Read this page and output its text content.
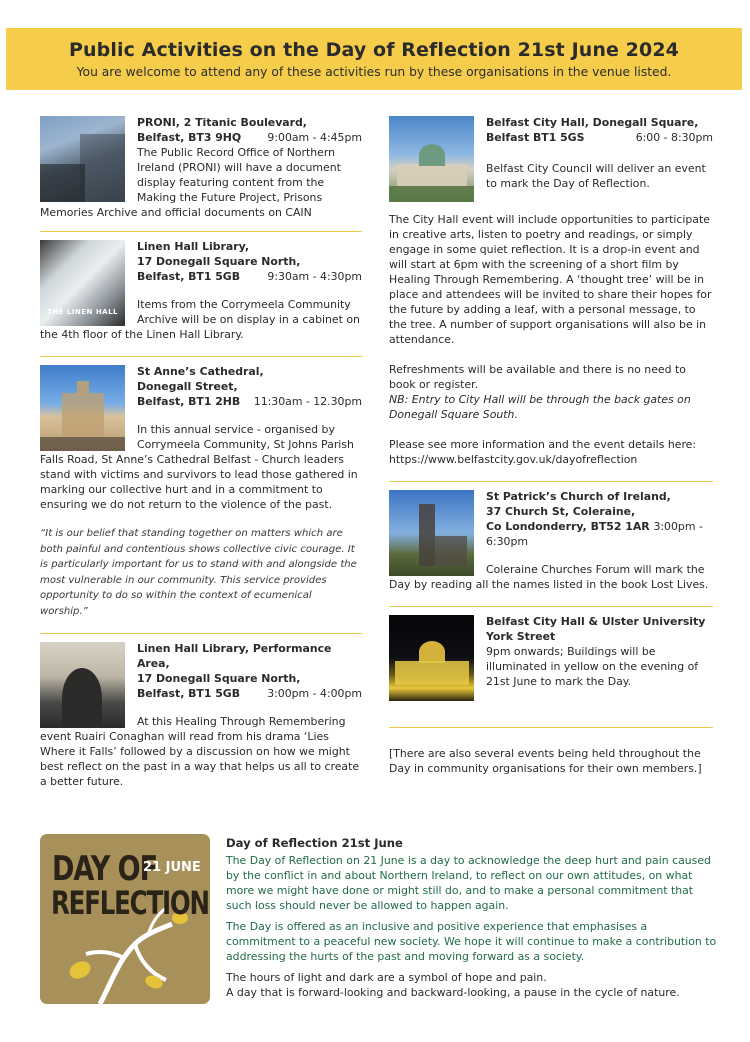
Public Activities on the Day of Reflection 21st June 2024

You are welcome to attend any of these activities run by these organisations in the venue listed.

PRONI, 2 Titanic Boulevard,
Belfast, BT3 9HQ 9:00am - 4:45pm
The Public Record Office of Northern Ireland (PRONI) will have a document display featuring content from the Making the Future Project, Prisons Memories Archive and official documents on CAIN
THE LINEN HALL
Linen Hall Library,
17 Donegall Square North,
Belfast, BT1 5GB	9:30am - 4:30pm
Items from the Corrymeela Community Archive will be on display in a cabinet on the 4th floor of the Linen Hall Library.
St Anne’s Cathedral,
Donegall Street,
Belfast, BT1 2HB 11:30am - 12.30pm
In this annual service - organised by Corrymeela Community, St Johns Parish Falls Road, St Anne’s Cathedral Belfast - Church leaders stand with victims and survivors to lead those gathered in marking our collective hurt and in a commitment to ensuring we do not return to the violence of the past.
“It is our belief that standing together on matters which are both painful and contentious shows collective civic courage. It is particularly important for us to stand with and alongside the most vulnerable in our community. This service provides opportunity to do so within the context of ecumenical worship.”
Linen Hall Library, Performance Area,
17 Donegall Square North,
Belfast, BT1 5GB 3:00pm - 4:00pm
At this Healing Through Remembering event Ruairi Conaghan will read from his drama ‘Lies Where it Falls’ followed by a discussion on how we might best reflect on the past in a way that helps us all to create a better future.
Belfast City Hall, Donegall Square,
Belfast BT1 5GS	6:00 - 8:30pm
Belfast City Council will deliver an event to mark the Day of Reflection.
The City Hall event will include opportunities to participate in creative arts, listen to poetry and readings, or simply engage in some quiet reflection. It is a drop-in event and will start at 6pm with the screening of a short film by Healing Through Remembering. A ‘thought tree’ will be in place and attendees will be invited to share their hopes for the future by adding a leaf, with a personal message, to the tree. A number of support organisations will also be in attendance.
Refreshments will be available and there is no need to book or register.
NB: Entry to City Hall will be through the back gates on Donegall Square South.
Please see more information and the event details here:
https://www.belfastcity.gov.uk/dayofreflection
St Patrick’s Church of Ireland,
37 Church St, Coleraine,
Co Londonderry, BT52 1AR 3:00pm - 6:30pm
Coleraine Churches Forum will mark the Day by reading all the names listed in the book Lost Lives.
Belfast City Hall & Ulster University
York Street
9pm onwards; Buildings will be illuminated in yellow on the evening of 21st June to mark the Day.
[There are also several events being held throughout the Day in community organisations for their own members.]
DAY OF
21 JUNE
REFLECTION
Day of Reflection 21st June
The Day of Reflection on 21 June is a day to acknowledge the deep hurt and pain caused by the conflict in and about Northern Ireland, to reflect on our own attitudes, on what more we might have done or might still do, and to make a personal commitment that such loss should never be allowed to happen again.

The Day is offered as an inclusive and positive experience that emphasises a commitment to a peaceful new society. We hope it will continue to make a contribution to addressing the hurts of the past and moving forward as a society.

The hours of light and dark are a symbol of hope and pain.

A day that is forward-looking and backward-looking, a pause in the cycle of nature.
